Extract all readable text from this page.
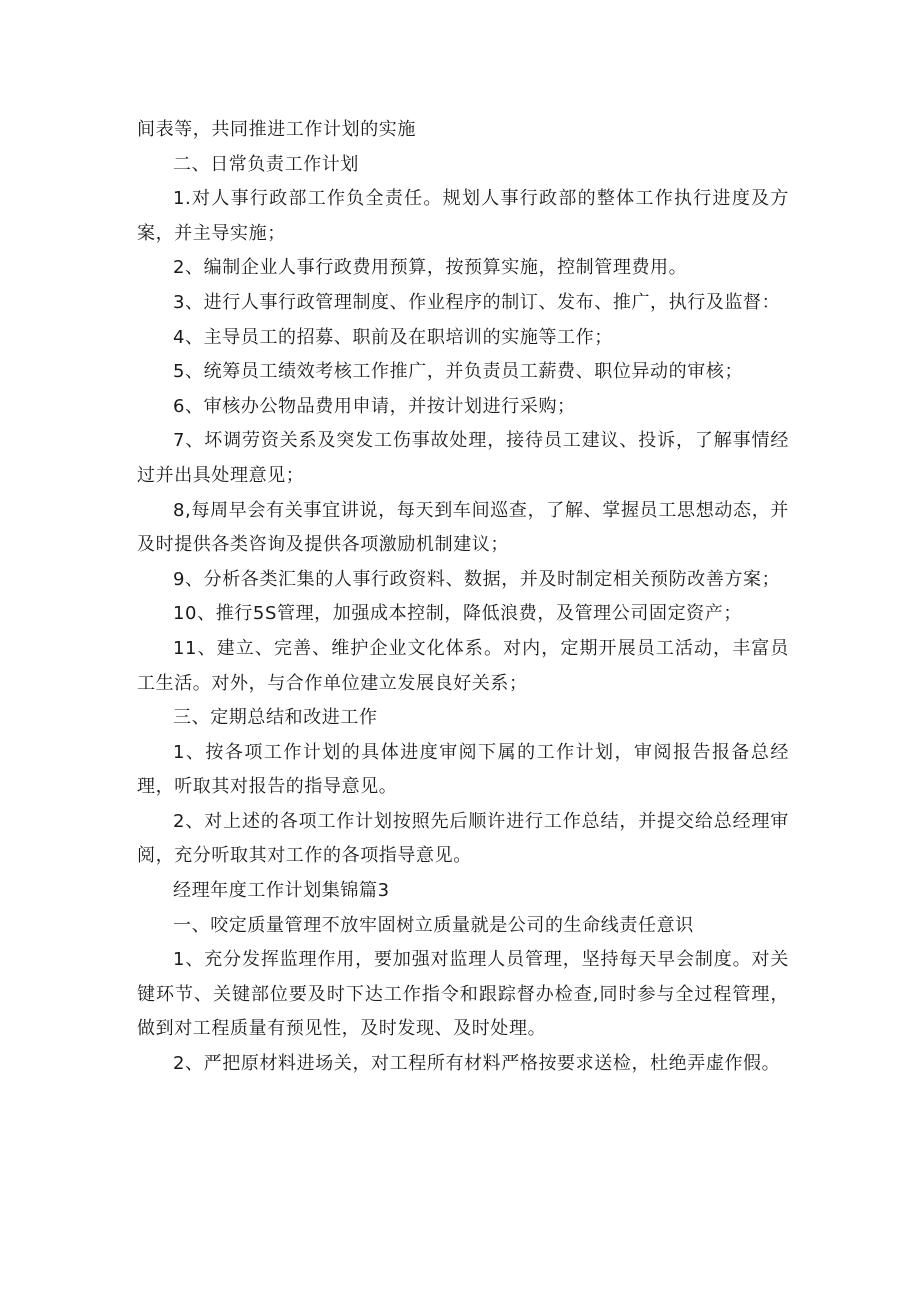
间表等，共同推进工作计划的实施

二、日常负责工作计划

1.对人事行政部工作负全责任。规划人事行政部的整体工作执行进度及方案，并主导实施；

2、编制企业人事行政费用预算，按预算实施，控制管理费用。

3、进行人事行政管理制度、作业程序的制订、发布、推广，执行及监督：

4、主导员工的招募、职前及在职培训的实施等工作；

5、统筹员工绩效考核工作推广，并负责员工薪费、职位异动的审核；

6、审核办公物品费用申请，并按计划进行采购；

7、坏调劳资关系及突发工伤事故处理，接待员工建议、投诉，了解事情经过并出具处理意见；

8,每周早会有关事宜讲说，每天到车间巡查，了解、掌握员工思想动态，并及时提供各类咨询及提供各项激励机制建议；

9、分析各类汇集的人事行政资料、数据，并及时制定相关预防改善方案；

10、推行5S管理，加强成本控制，降低浪费，及管理公司固定资产；

11、建立、完善、维护企业文化体系。对内，定期开展员工活动，丰富员工生活。对外，与合作单位建立发展良好关系；

三、定期总结和改进工作

1、按各项工作计划的具体进度审阅下属的工作计划，审阅报告报备总经理，听取其对报告的指导意见。

2、对上述的各项工作计划按照先后顺许进行工作总结，并提交给总经理审阅，充分听取其对工作的各项指导意见。

经理年度工作计划集锦篇3

一、咬定质量管理不放牢固树立质量就是公司的生命线责任意识

1、充分发挥监理作用，要加强对监理人员管理，坚持每天早会制度。对关键环节、关键部位要及时下达工作指令和跟踪督办检查,同时参与全过程管理，做到对工程质量有预见性，及时发现、及时处理。

2、严把原材料进场关，对工程所有材料严格按要求送检，杜绝弄虚作假。
